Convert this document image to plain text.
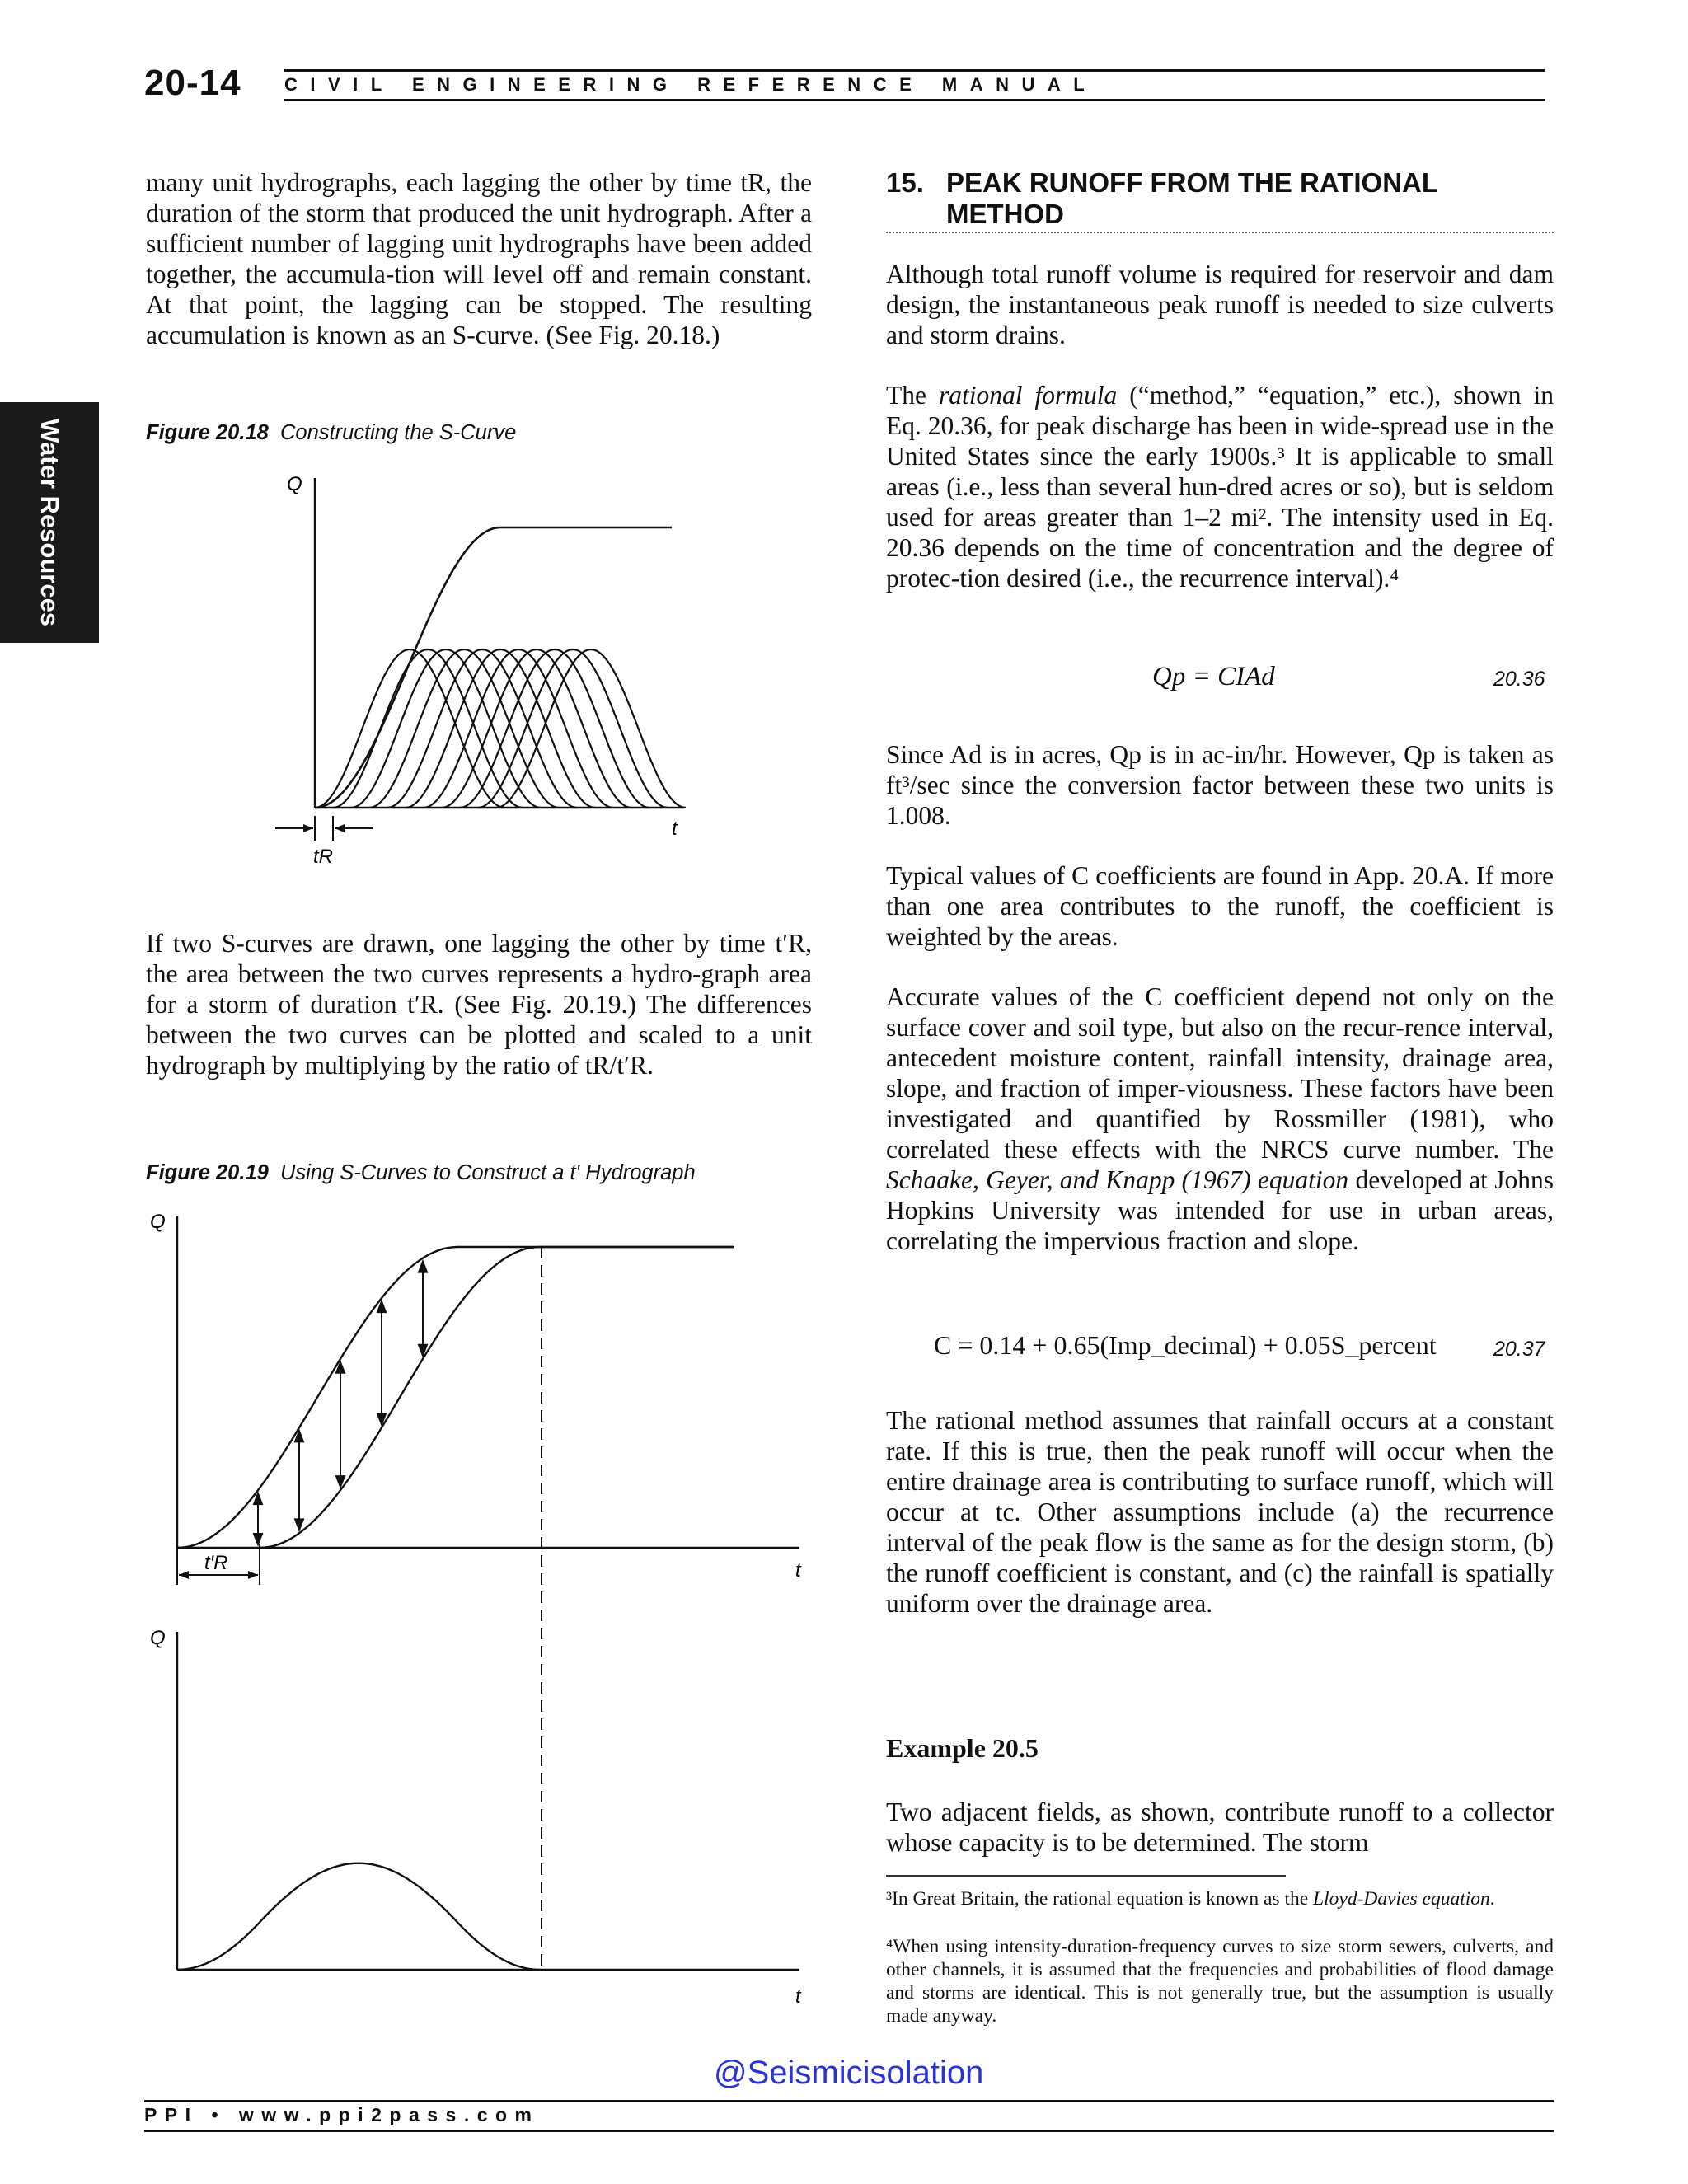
20-14 CIVIL ENGINEERING REFERENCE MANUAL
Water Resources

many unit hydrographs, each lagging the other by time tR, the duration of the storm that produced the unit hydrograph. After a sufficient number of lagging unit hydrographs have been added together, the accumula-tion will level off and remain constant. At that point, the lagging can be stopped. The resulting accumulation is known as an S-curve. (See Fig. 20.18.)

Figure 20.18 Constructing the S-Curve
Q
t
tR

If two S-curves are drawn, one lagging the other by time t′R, the area between the two curves represents a hydro-graph area for a storm of duration t′R. (See Fig. 20.19.) The differences between the two curves can be plotted and scaled to a unit hydrograph by multiplying by the ratio of tR/t′R.

Figure 20.19 Using S-Curves to Construct a t′ Hydrograph
Q
t
t′R
Q
t
15. PEAK RUNOFF FROM THE RATIONAL METHOD

Although total runoff volume is required for reservoir and dam design, the instantaneous peak runoff is needed to size culverts and storm drains.

The rational formula (“method,” “equation,” etc.), shown in Eq. 20.36, for peak discharge has been in wide-spread use in the United States since the early 1900s.³ It is applicable to small areas (i.e., less than several hun-dred acres or so), but is seldom used for areas greater than 1–2 mi². The intensity used in Eq. 20.36 depends on the time of concentration and the degree of protec-tion desired (i.e., the recurrence interval).⁴

Qp = CIAd	20.36

Since Ad is in acres, Qp is in ac-in/hr. However, Qp is taken as ft³/sec since the conversion factor between these two units is 1.008.

Typical values of C coefficients are found in App. 20.A. If more than one area contributes to the runoff, the coefficient is weighted by the areas.

Accurate values of the C coefficient depend not only on the surface cover and soil type, but also on the recur-rence interval, antecedent moisture content, rainfall intensity, drainage area, slope, and fraction of imper-viousness. These factors have been investigated and quantified by Rossmiller (1981), who correlated these effects with the NRCS curve number. The Schaake, Geyer, and Knapp (1967) equation developed at Johns Hopkins University was intended for use in urban areas, correlating the impervious fraction and slope.

C = 0.14 + 0.65(Imp_decimal) + 0.05S_percent	20.37

The rational method assumes that rainfall occurs at a constant rate. If this is true, then the peak runoff will occur when the entire drainage area is contributing to surface runoff, which will occur at tc. Other assumptions include (a) the recurrence interval of the peak flow is the same as for the design storm, (b) the runoff coefficient is constant, and (c) the rainfall is spatially uniform over the drainage area.

Example 20.5

Two adjacent fields, as shown, contribute runoff to a collector whose capacity is to be determined. The storm

³In Great Britain, the rational equation is known as the Lloyd-Davies equation.
⁴When using intensity-duration-frequency curves to size storm sewers, culverts, and other channels, it is assumed that the frequencies and probabilities of flood damage and storms are identical. This is not generally true, but the assumption is usually made anyway.
@Seismicisolation
PPI • www.ppi2pass.com
